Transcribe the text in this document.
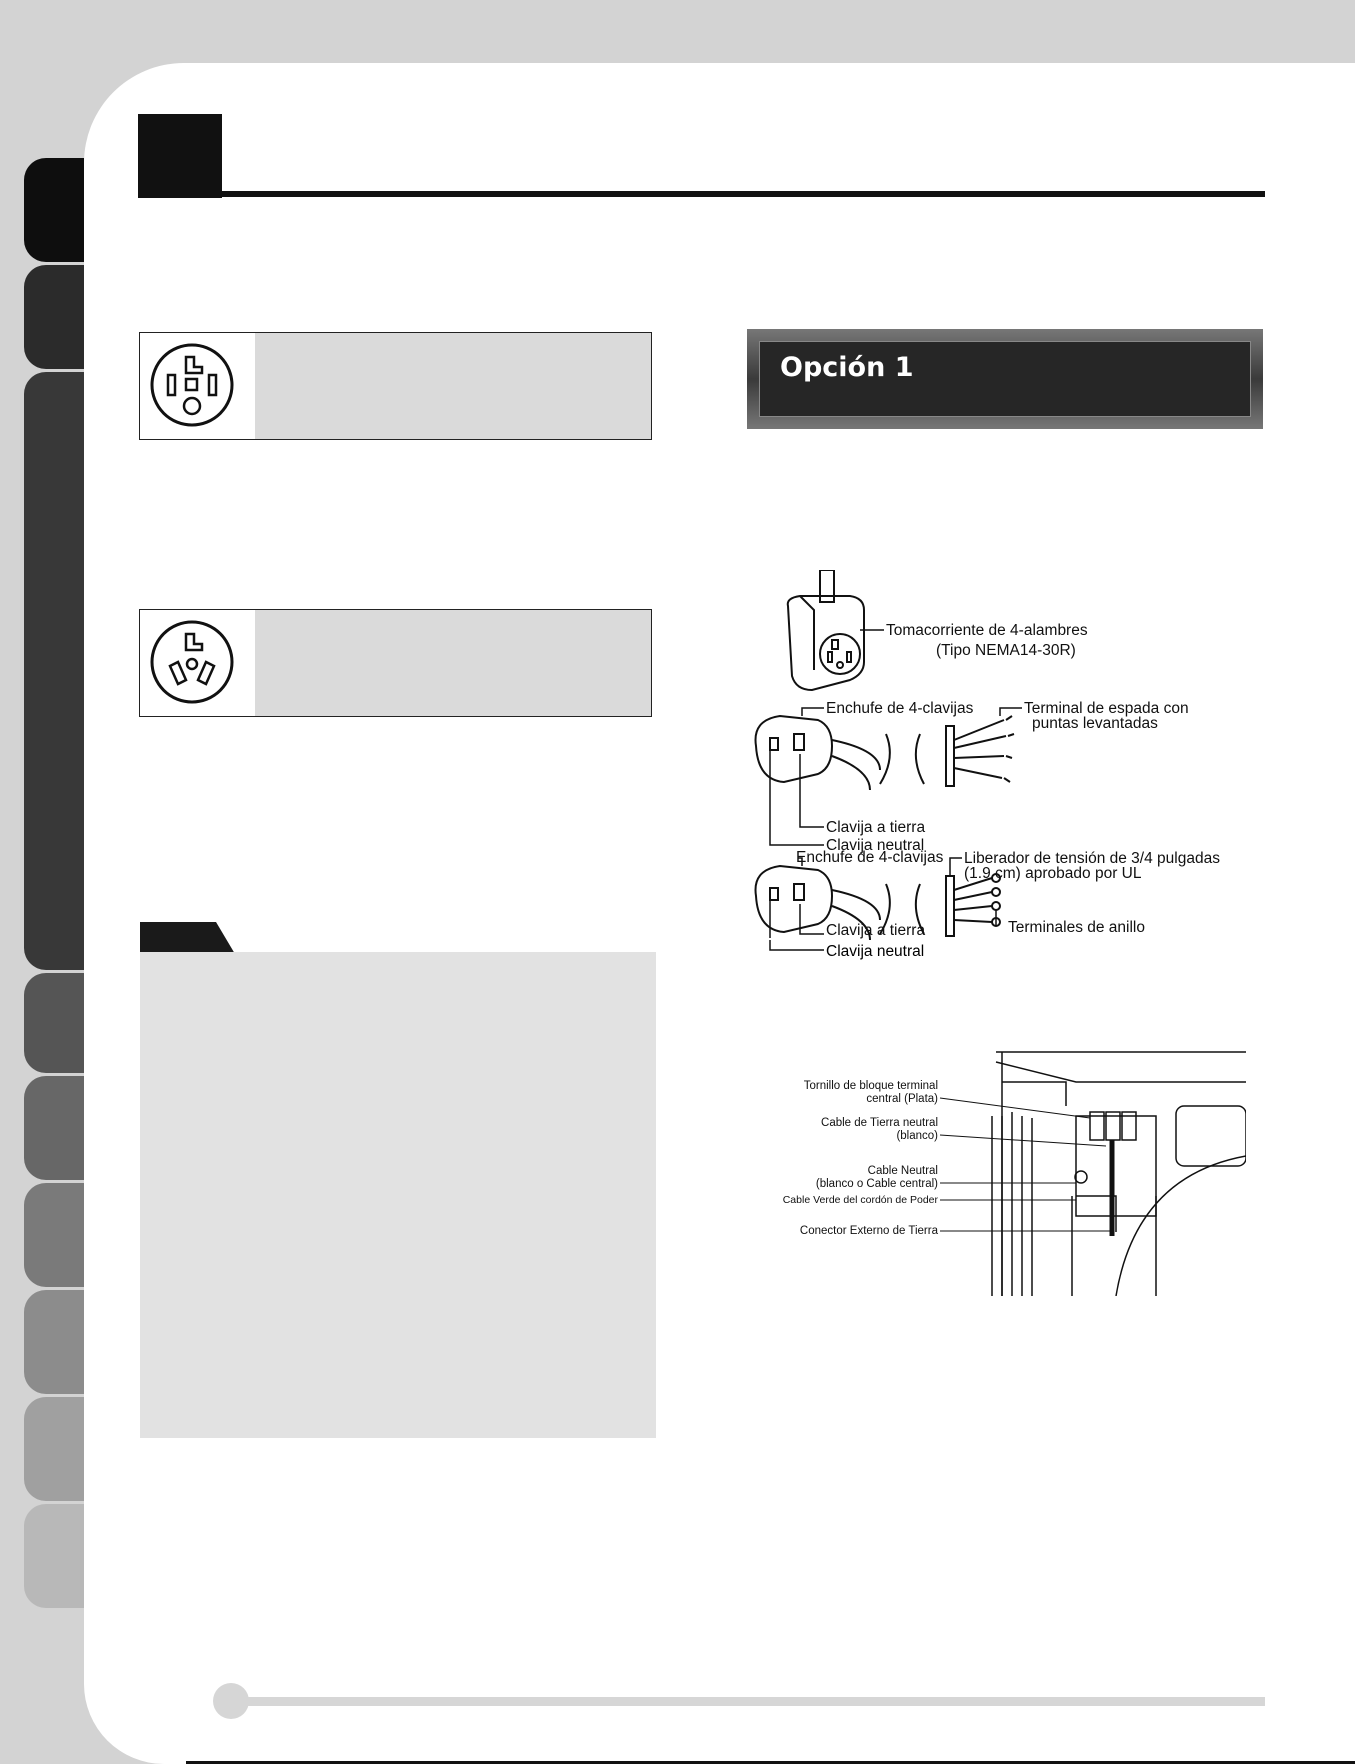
Opción 1
Tomacorriente de 4-alambres
(Tipo NEMA14-30R)
Enchufe de 4-clavijas	Terminal de espada con
puntas levantadas
Clavija a tierra
Clavija neutral
Enchufe de 4-clavijas Liberador de tensión de 3/4 pulgadas
(1.9 cm) aprobado por UL
Terminales de anillo
Clavija a tierra
Clavija neutral
Tornillo de bloque terminal
central (Plata)
Cable de Tierra neutral
(blanco)
Cable Neutral
(blanco o Cable central)
Cable Verde del cordón de Poder
Conector Externo de Tierra
